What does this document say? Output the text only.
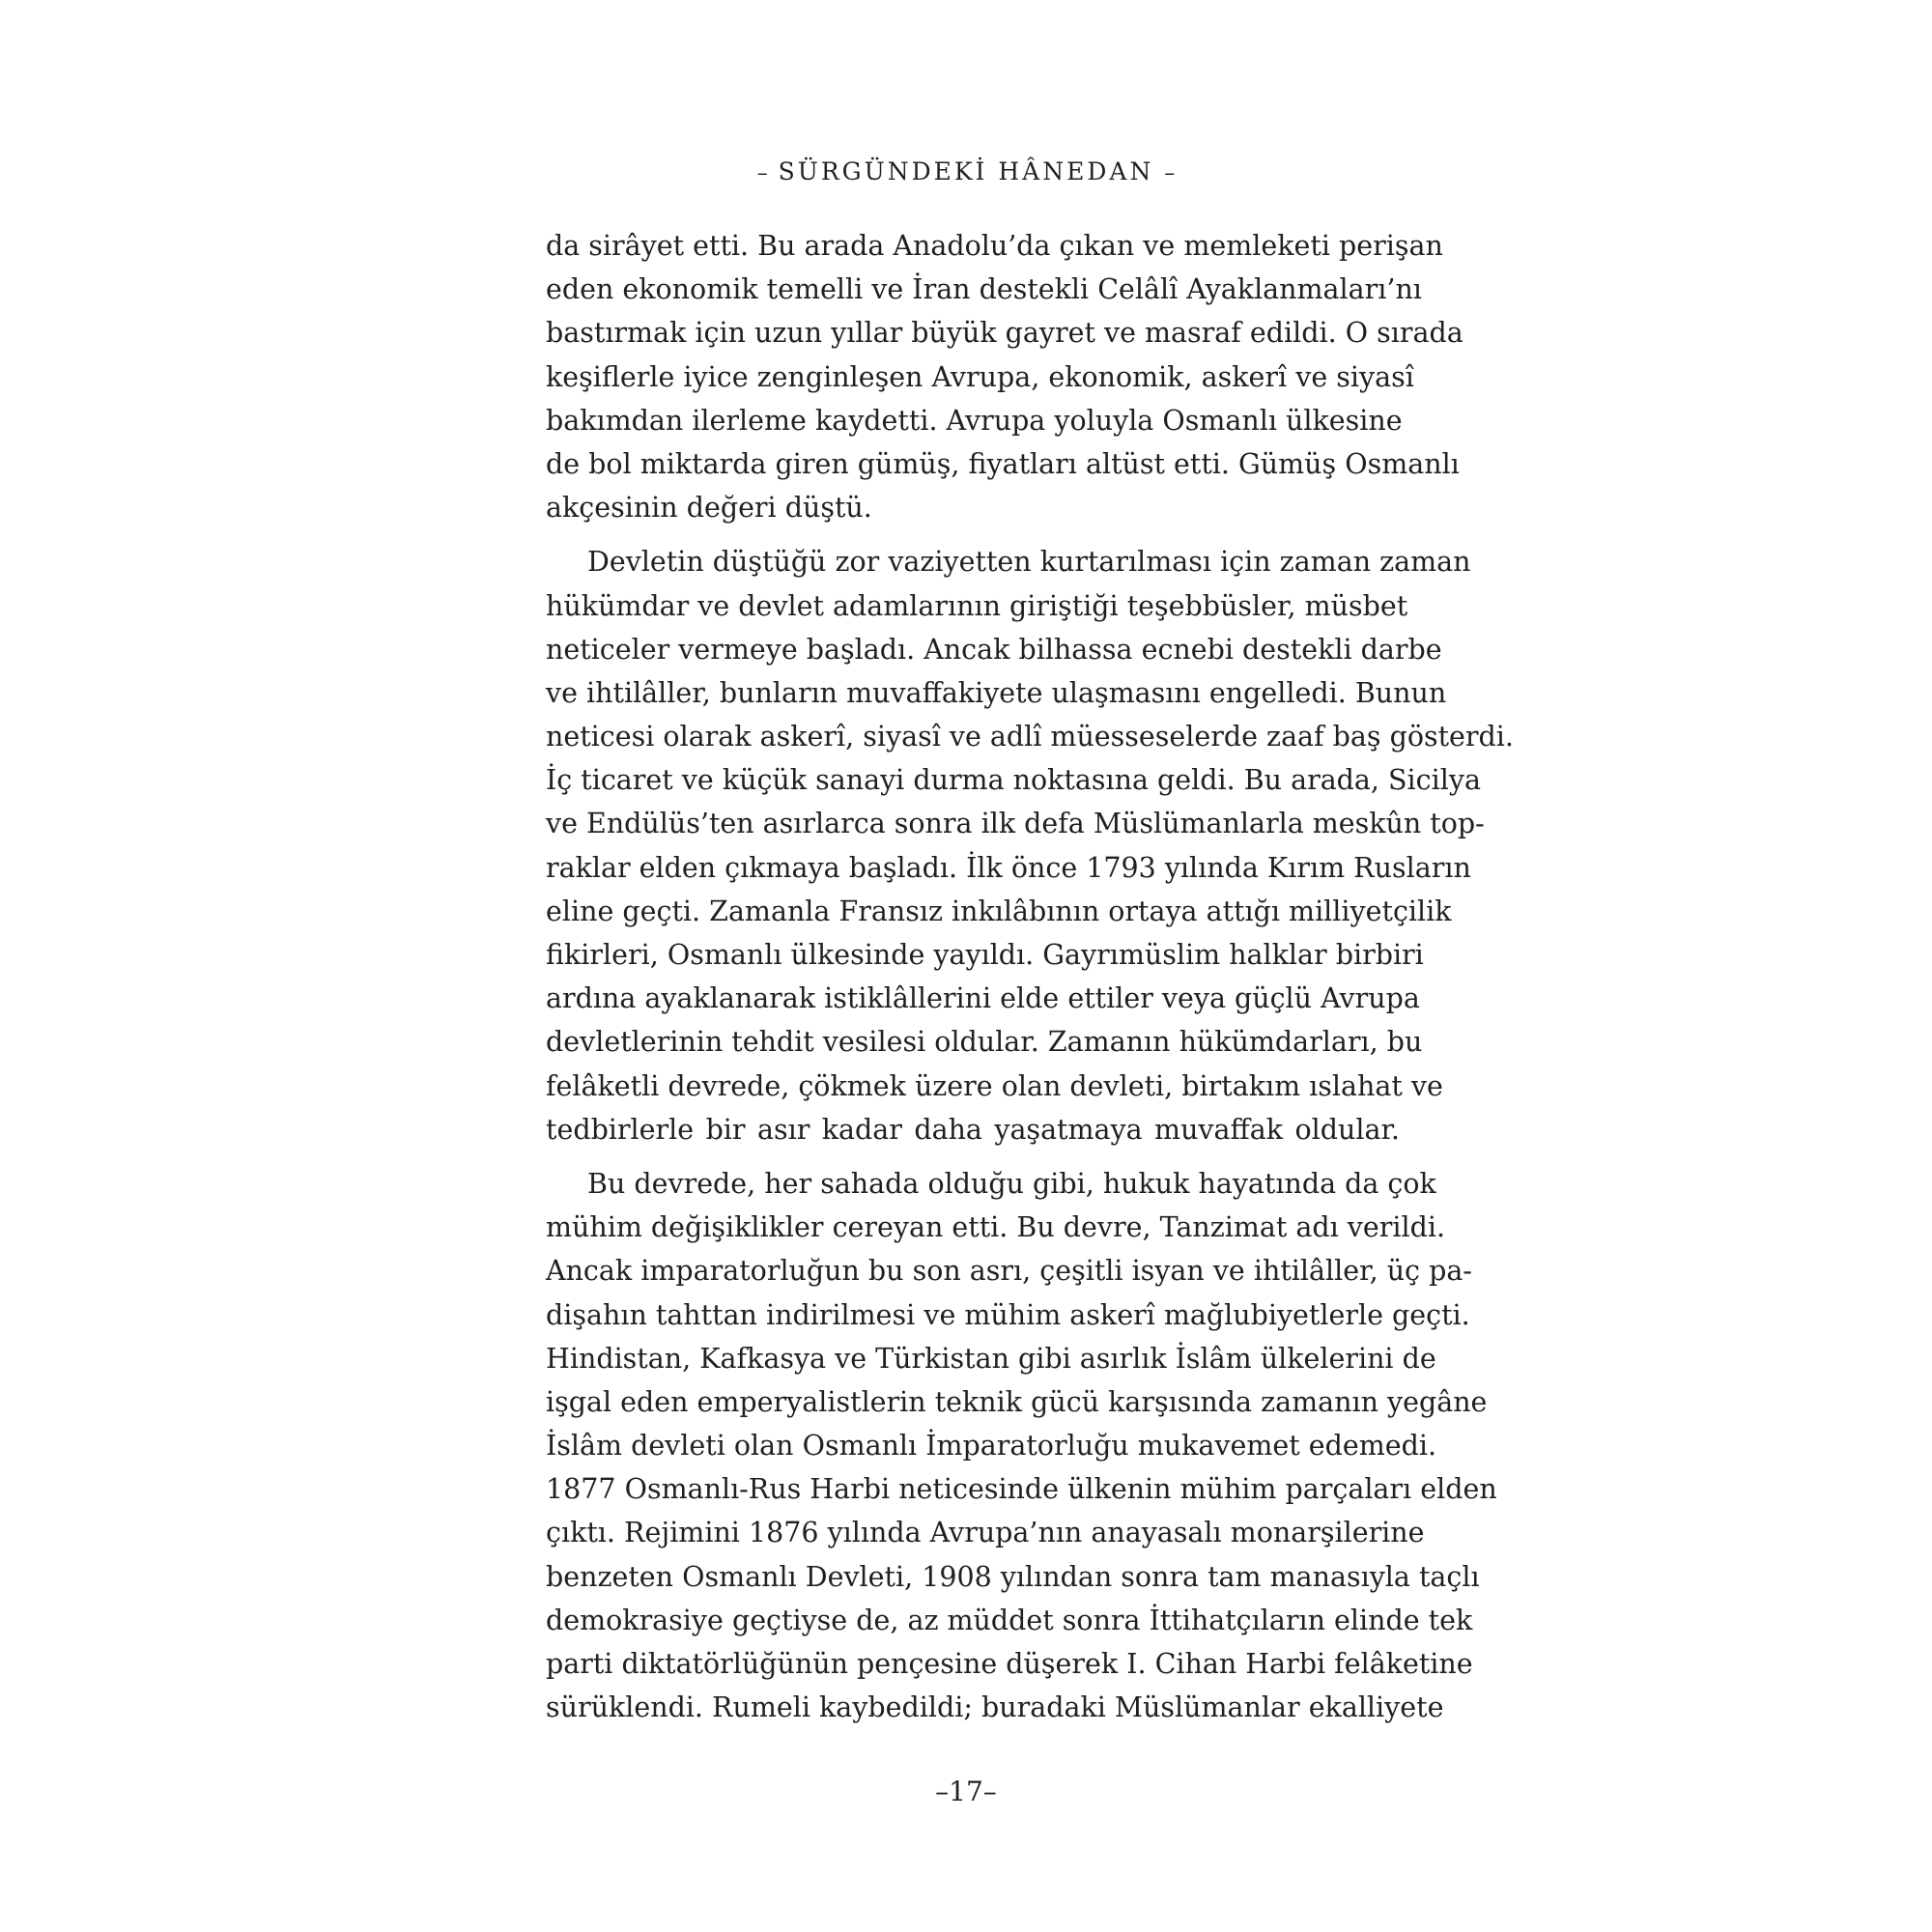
– SÜRGÜNDEKİ HÂNEDAN –
da sirâyet etti. Bu arada Anadolu’da çıkan ve memleketi perişan
eden ekonomik temelli ve İran destekli Celâlî Ayaklanmaları’nı
bastırmak için uzun yıllar büyük gayret ve masraf edildi. O sırada
keşiflerle iyice zenginleşen Avrupa, ekonomik, askerî ve siyasî
bakımdan ilerleme kaydetti. Avrupa yoluyla Osmanlı ülkesine
de bol miktarda giren gümüş, fiyatları altüst etti. Gümüş Osmanlı
akçesinin değeri düştü.
Devletin düştüğü zor vaziyetten kurtarılması için zaman zaman
hükümdar ve devlet adamlarının giriştiği teşebbüsler, müsbet
neticeler vermeye başladı. Ancak bilhassa ecnebi destekli darbe
ve ihtilâller, bunların muvaffakiyete ulaşmasını engelledi. Bunun
neticesi olarak askerî, siyasî ve adlî müesseselerde zaaf baş gösterdi.
İç ticaret ve küçük sanayi durma noktasına geldi. Bu arada, Sicilya
ve Endülüs’ten asırlarca sonra ilk defa Müslümanlarla meskûn top-
raklar elden çıkmaya başladı. İlk önce 1793 yılında Kırım Rusların
eline geçti. Zamanla Fransız inkılâbının ortaya attığı milliyetçilik
fikirleri, Osmanlı ülkesinde yayıldı. Gayrımüslim halklar birbiri
ardına ayaklanarak istiklâllerini elde ettiler veya güçlü Avrupa
devletlerinin tehdit vesilesi oldular. Zamanın hükümdarları, bu
felâketli devrede, çökmek üzere olan devleti, birtakım ıslahat ve
tedbirlerle bir asır kadar daha yaşatmaya muvaffak oldular.
Bu devrede, her sahada olduğu gibi, hukuk hayatında da çok
mühim değişiklikler cereyan etti. Bu devre, Tanzimat adı verildi.
Ancak imparatorluğun bu son asrı, çeşitli isyan ve ihtilâller, üç pa-
dişahın tahttan indirilmesi ve mühim askerî mağlubiyetlerle geçti.
Hindistan, Kafkasya ve Türkistan gibi asırlık İslâm ülkelerini de
işgal eden emperyalistlerin teknik gücü karşısında zamanın yegâne
İslâm devleti olan Osmanlı İmparatorluğu mukavemet edemedi.
1877 Osmanlı-Rus Harbi neticesinde ülkenin mühim parçaları elden
çıktı. Rejimini 1876 yılında Avrupa’nın anayasalı monarşilerine
benzeten Osmanlı Devleti, 1908 yılından sonra tam manasıyla taçlı
demokrasiye geçtiyse de, az müddet sonra İttihatçıların elinde tek
parti diktatörlüğünün pençesine düşerek I. Cihan Harbi felâketine
sürüklendi. Rumeli kaybedildi; buradaki Müslümanlar ekalliyete
–17–
